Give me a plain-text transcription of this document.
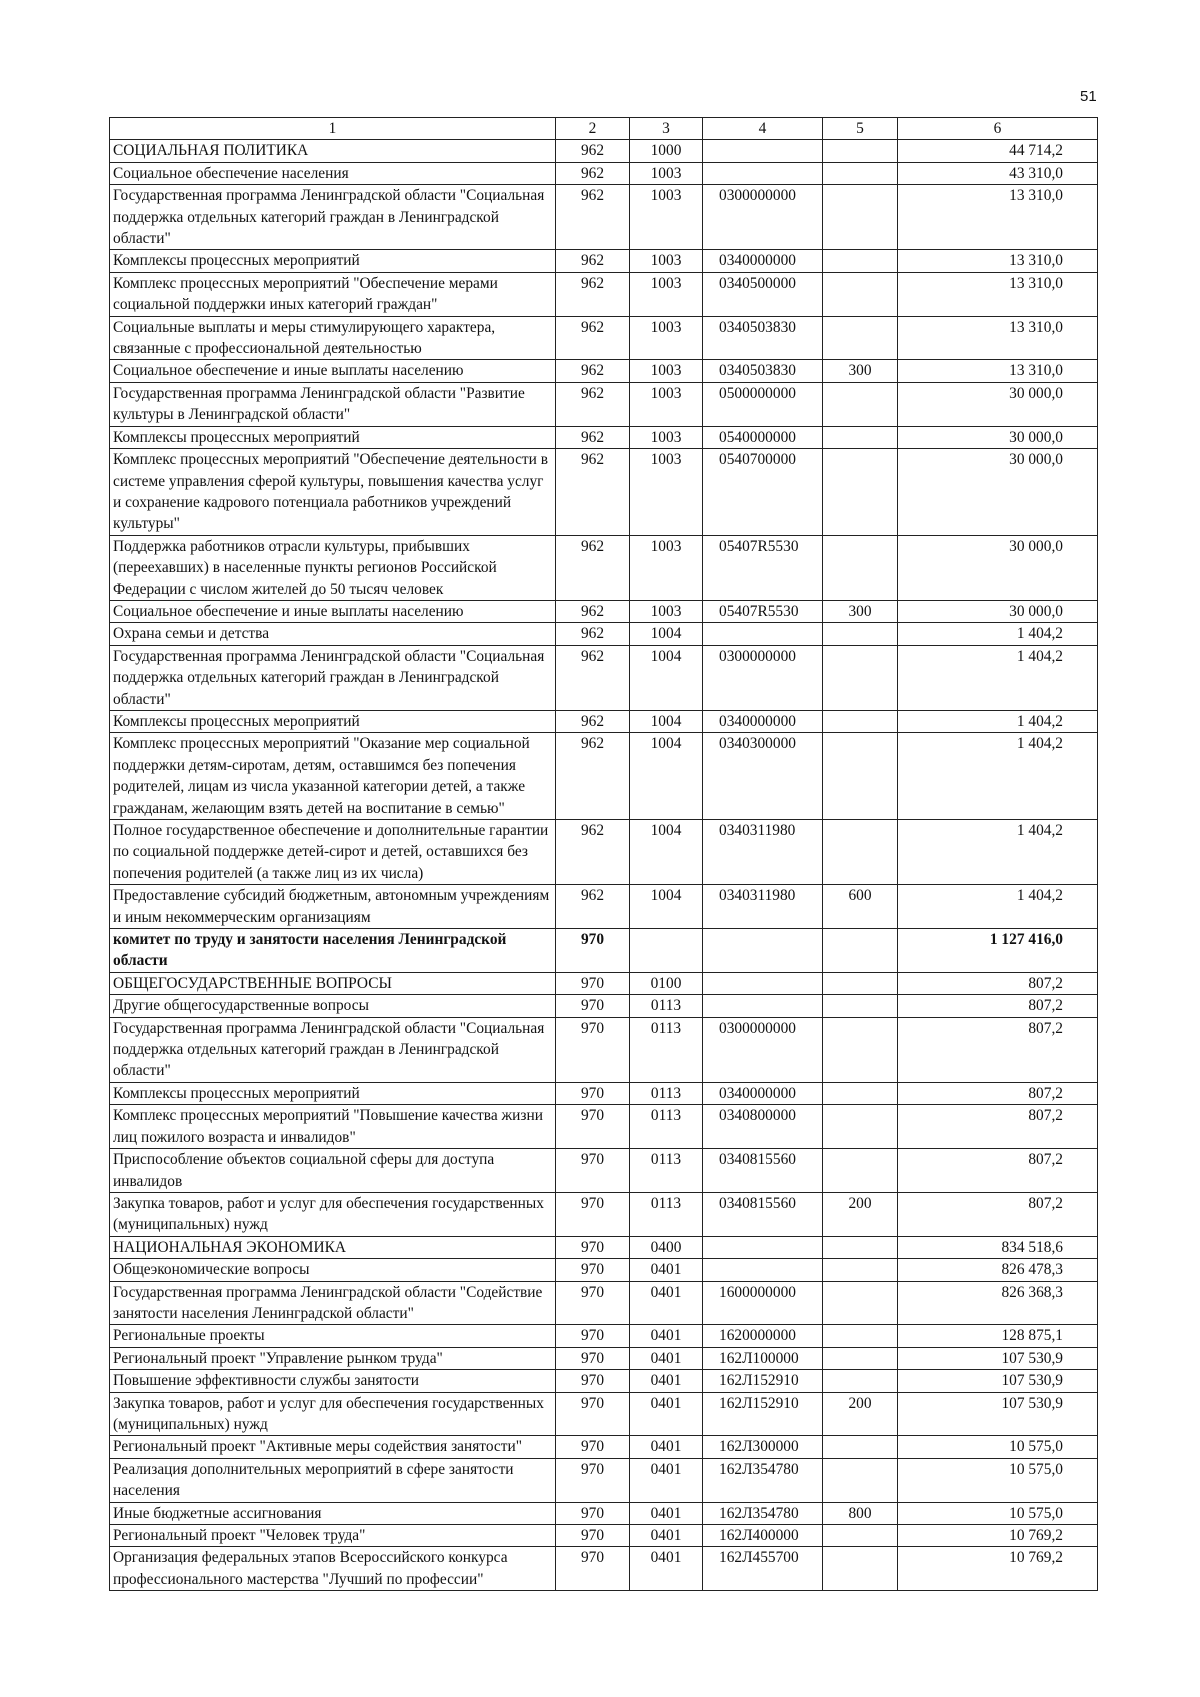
51
1	2	3	4	5	6
СОЦИАЛЬНАЯ ПОЛИТИКА	962	1000			44 714,2
Социальное обеспечение населения	962	1003			43 310,0
Государственная программа Ленинградской области "Социальная поддержка отдельных категорий граждан в Ленинградской области"	962	1003	0300000000		13 310,0
Комплексы процессных мероприятий	962	1003	0340000000		13 310,0
Комплекс процессных мероприятий "Обеспечение мерами социальной поддержки иных категорий граждан"	962	1003	0340500000		13 310,0
Социальные выплаты и меры стимулирующего характера, связанные с профессиональной деятельностью	962	1003	0340503830		13 310,0
Социальное обеспечение и иные выплаты населению	962	1003	0340503830	300	13 310,0
Государственная программа Ленинградской области "Развитие культуры в Ленинградской области"	962	1003	0500000000		30 000,0
Комплексы процессных мероприятий	962	1003	0540000000		30 000,0
Комплекс процессных мероприятий "Обеспечение деятельности в системе управления сферой культуры, повышения качества услуг и сохранение кадрового потенциала работников учреждений культуры"	962	1003	0540700000		30 000,0
Поддержка работников отрасли культуры, прибывших (переехавших) в населенные пункты регионов Российской Федерации с числом жителей до 50 тысяч человек	962	1003	05407R5530		30 000,0
Социальное обеспечение и иные выплаты населению	962	1003	05407R5530	300	30 000,0
Охрана семьи и детства	962	1004			1 404,2
Государственная программа Ленинградской области "Социальная поддержка отдельных категорий граждан в Ленинградской области"	962	1004	0300000000		1 404,2
Комплексы процессных мероприятий	962	1004	0340000000		1 404,2
Комплекс процессных мероприятий "Оказание мер социальной поддержки детям-сиротам, детям, оставшимся без попечения родителей, лицам из числа указанной категории детей, а также гражданам, желающим взять детей на воспитание в семью"	962	1004	0340300000		1 404,2
Полное государственное обеспечение и дополнительные гарантии по социальной поддержке детей-сирот и детей, оставшихся без попечения родителей (а также лиц из их числа)	962	1004	0340311980		1 404,2
Предоставление субсидий бюджетным, автономным учреждениям и иным некоммерческим организациям	962	1004	0340311980	600	1 404,2
комитет по труду и занятости населения Ленинградской области	970				1 127 416,0
ОБЩЕГОСУДАРСТВЕННЫЕ ВОПРОСЫ	970	0100			807,2
Другие общегосударственные вопросы	970	0113			807,2
Государственная программа Ленинградской области "Социальная поддержка отдельных категорий граждан в Ленинградской области"	970	0113	0300000000		807,2
Комплексы процессных мероприятий	970	0113	0340000000		807,2
Комплекс процессных мероприятий "Повышение качества жизни лиц пожилого возраста и инвалидов"	970	0113	0340800000		807,2
Приспособление объектов социальной сферы для доступа инвалидов	970	0113	0340815560		807,2
Закупка товаров, работ и услуг для обеспечения государственных (муниципальных) нужд	970	0113	0340815560	200	807,2
НАЦИОНАЛЬНАЯ ЭКОНОМИКА	970	0400			834 518,6
Общеэкономические вопросы	970	0401			826 478,3
Государственная программа Ленинградской области "Содействие занятости населения Ленинградской области"	970	0401	1600000000		826 368,3
Региональные проекты	970	0401	1620000000		128 875,1
Региональный проект "Управление рынком труда"	970	0401	162Л100000		107 530,9
Повышение эффективности службы занятости	970	0401	162Л152910		107 530,9
Закупка товаров, работ и услуг для обеспечения государственных (муниципальных) нужд	970	0401	162Л152910	200	107 530,9
Региональный проект "Активные меры содействия занятости"	970	0401	162Л300000		10 575,0
Реализация дополнительных мероприятий в сфере занятости населения	970	0401	162Л354780		10 575,0
Иные бюджетные ассигнования	970	0401	162Л354780	800	10 575,0
Региональный проект "Человек труда"	970	0401	162Л400000		10 769,2
Организация федеральных этапов Всероссийского конкурса профессионального мастерства "Лучший по профессии"	970	0401	162Л455700		10 769,2
